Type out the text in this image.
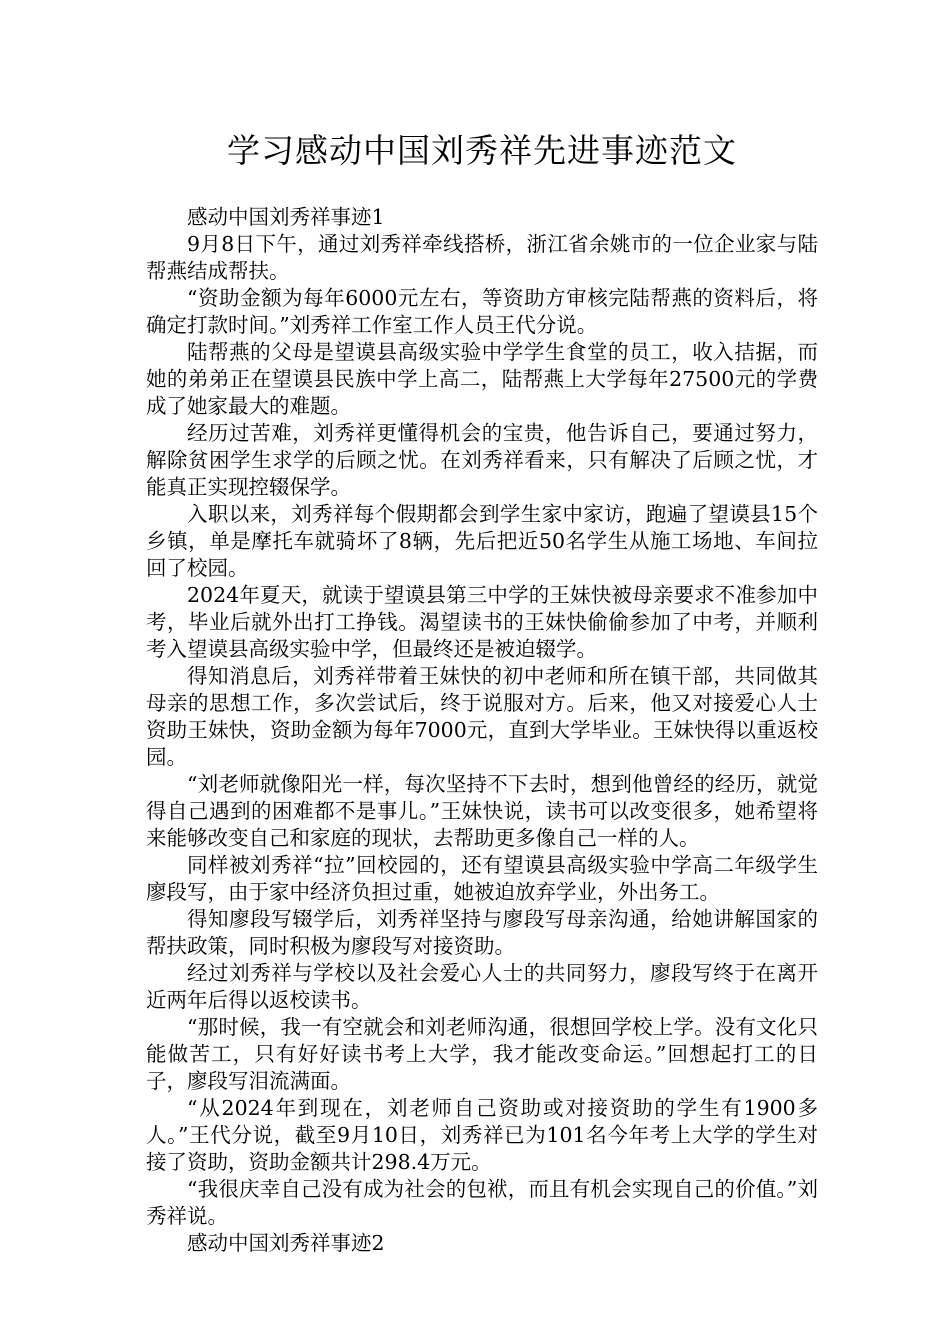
学习感动中国刘秀祥先进事迹范文

感动中国刘秀祥事迹1

9月8日下午，通过刘秀祥牵线搭桥，浙江省余姚市的一位企业家与陆帮燕结成帮扶。

“资助金额为每年6000元左右，等资助方审核完陆帮燕的资料后，将确定打款时间。”刘秀祥工作室工作人员王代分说。

陆帮燕的父母是望谟县高级实验中学学生食堂的员工，收入拮据，而她的弟弟正在望谟县民族中学上高二，陆帮燕上大学每年27500元的学费成了她家最大的难题。

经历过苦难，刘秀祥更懂得机会的宝贵，他告诉自己，要通过努力，解除贫困学生求学的后顾之忧。在刘秀祥看来，只有解决了后顾之忧，才能真正实现控辍保学。

入职以来，刘秀祥每个假期都会到学生家中家访，跑遍了望谟县15个乡镇，单是摩托车就骑坏了8辆，先后把近50名学生从施工场地、车间拉回了校园。

2024年夏天，就读于望谟县第三中学的王妹快被母亲要求不准参加中考，毕业后就外出打工挣钱。渴望读书的王妹快偷偷参加了中考，并顺利考入望谟县高级实验中学，但最终还是被迫辍学。

得知消息后，刘秀祥带着王妹快的初中老师和所在镇干部，共同做其母亲的思想工作，多次尝试后，终于说服对方。后来，他又对接爱心人士资助王妹快，资助金额为每年7000元，直到大学毕业。王妹快得以重返校园。

“刘老师就像阳光一样，每次坚持不下去时，想到他曾经的经历，就觉得自己遇到的困难都不是事儿。”王妹快说，读书可以改变很多，她希望将来能够改变自己和家庭的现状，去帮助更多像自己一样的人。

同样被刘秀祥“拉”回校园的，还有望谟县高级实验中学高二年级学生廖段写，由于家中经济负担过重，她被迫放弃学业，外出务工。

得知廖段写辍学后，刘秀祥坚持与廖段写母亲沟通，给她讲解国家的帮扶政策，同时积极为廖段写对接资助。

经过刘秀祥与学校以及社会爱心人士的共同努力，廖段写终于在离开近两年后得以返校读书。

“那时候，我一有空就会和刘老师沟通，很想回学校上学。没有文化只能做苦工，只有好好读书考上大学，我才能改变命运。”回想起打工的日子，廖段写泪流满面。

“从2024年到现在，刘老师自己资助或对接资助的学生有1900多人。”王代分说，截至9月10日，刘秀祥已为101名今年考上大学的学生对接了资助，资助金额共计298.4万元。

“我很庆幸自己没有成为社会的包袱，而且有机会实现自己的价值。”刘秀祥说。

感动中国刘秀祥事迹2
